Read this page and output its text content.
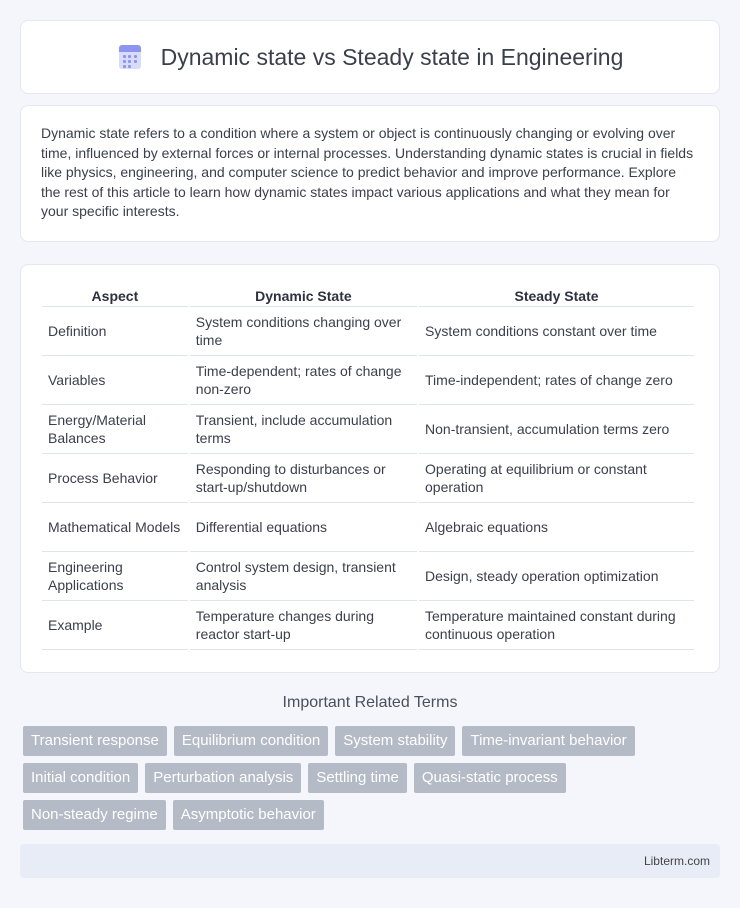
Dynamic state vs Steady state in Engineering

Dynamic state refers to a condition where a system or object is continuously changing or evolving over time, influenced by external forces or internal processes. Understanding dynamic states is crucial in fields like physics, engineering, and computer science to predict behavior and improve performance. Explore the rest of this article to learn how dynamic states impact various applications and what they mean for your specific interests.

Aspect	Dynamic State	Steady State
Definition	System conditions changing over time	System conditions constant over time
Variables	Time-dependent; rates of change non-zero	Time-independent; rates of change zero
Energy/Material Balances	Transient, include accumulation terms	Non-transient, accumulation terms zero
Process Behavior	Responding to disturbances or start-up/shutdown	Operating at equilibrium or constant operation
Mathematical Models	Differential equations	Algebraic equations
Engineering Applications	Control system design, transient analysis	Design, steady operation optimization
Example	Temperature changes during reactor start-up	Temperature maintained constant during continuous operation
Important Related Terms
Transient response	Equilibrium condition	System stability	Time-invariant behavior
Initial condition	Perturbation analysis	Settling time	Quasi-static process
Non-steady regime	Asymptotic behavior
Libterm.com
